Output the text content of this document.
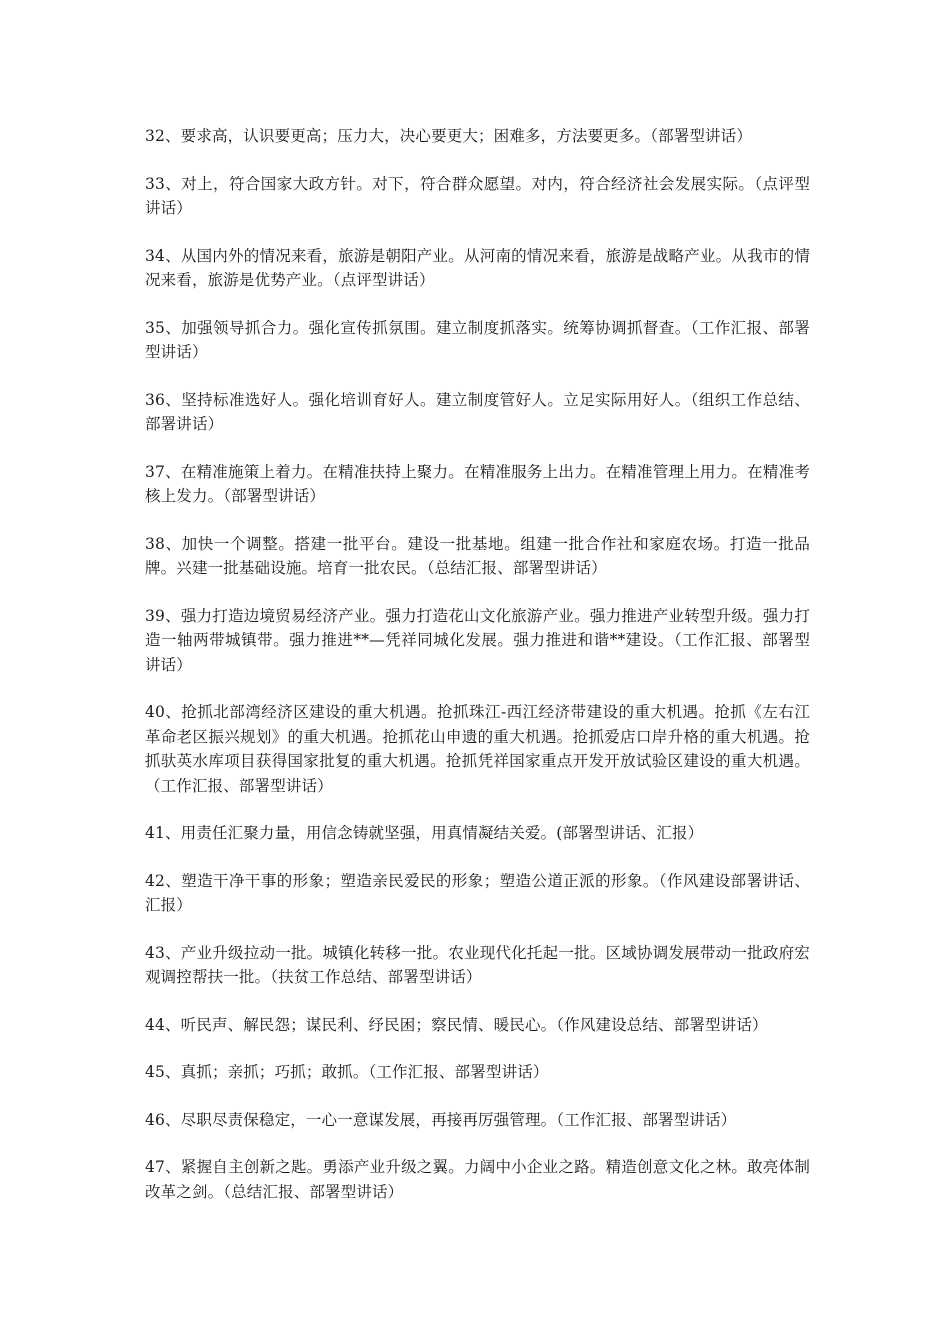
32、要求高，认识要更高；压力大，决心要更大；困难多，方法要更多。（部署型讲话）

33、对上，符合国家大政方针。对下，符合群众愿望。对内，符合经济社会发展实际。（点评型讲话）

34、从国内外的情况来看，旅游是朝阳产业。从河南的情况来看，旅游是战略产业。从我市的情况来看，旅游是优势产业。（点评型讲话）

35、加强领导抓合力。强化宣传抓氛围。建立制度抓落实。统筹协调抓督查。（工作汇报、部署型讲话）

36、坚持标准选好人。强化培训育好人。建立制度管好人。立足实际用好人。（组织工作总结、部署讲话）

37、在精准施策上着力。在精准扶持上聚力。在精准服务上出力。在精准管理上用力。在精准考核上发力。（部署型讲话）

38、加快一个调整。搭建一批平台。建设一批基地。组建一批合作社和家庭农场。打造一批品牌。兴建一批基础设施。培育一批农民。（总结汇报、部署型讲话）

39、强力打造边境贸易经济产业。强力打造花山文化旅游产业。强力推进产业转型升级。强力打造一轴两带城镇带。强力推进**—凭祥同城化发展。强力推进和谐**建设。（工作汇报、部署型讲话）

40、抢抓北部湾经济区建设的重大机遇。抢抓珠江-西江经济带建设的重大机遇。抢抓《左右江革命老区振兴规划》的重大机遇。抢抓花山申遗的重大机遇。抢抓爱店口岸升格的重大机遇。抢抓驮英水库项目获得国家批复的重大机遇。抢抓凭祥国家重点开发开放试验区建设的重大机遇。（工作汇报、部署型讲话）

41、用责任汇聚力量，用信念铸就坚强，用真情凝结关爱。(部署型讲话、汇报）

42、塑造干净干事的形象；塑造亲民爱民的形象；塑造公道正派的形象。（作风建设部署讲话、汇报）

43、产业升级拉动一批。城镇化转移一批。农业现代化托起一批。区域协调发展带动一批政府宏观调控帮扶一批。（扶贫工作总结、部署型讲话）

44、听民声、解民怨；谋民利、纾民困；察民情、暖民心。（作风建设总结、部署型讲话）

45、真抓；亲抓；巧抓；敢抓。（工作汇报、部署型讲话）

46、尽职尽责保稳定，一心一意谋发展，再接再厉强管理。（工作汇报、部署型讲话）

47、紧握自主创新之匙。勇添产业升级之翼。力阔中小企业之路。精造创意文化之林。敢亮体制改革之剑。（总结汇报、部署型讲话）
